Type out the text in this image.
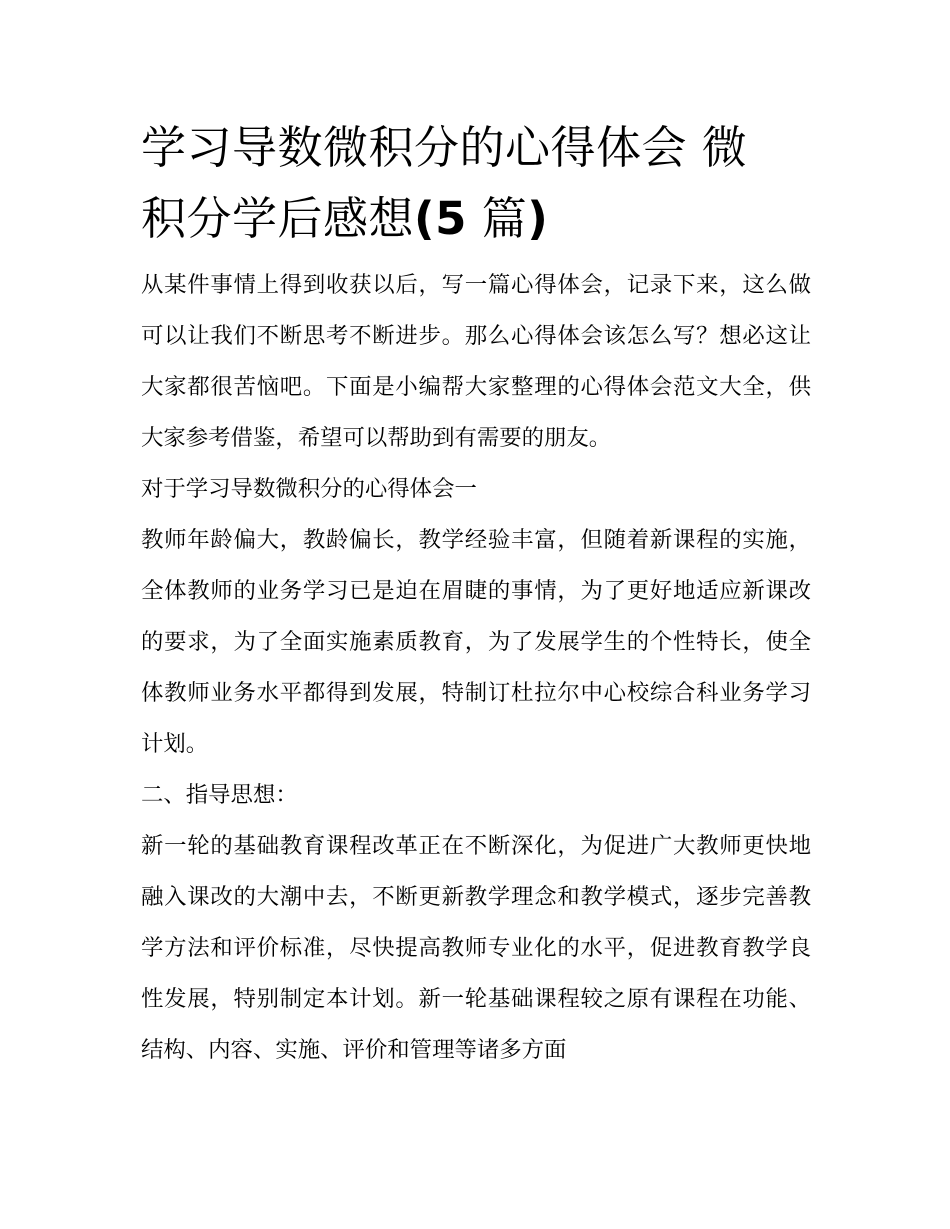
学习导数微积分的心得体会 微
积分学后感想(5 篇)

从某件事情上得到收获以后，写一篇心得体会，记录下来，这么做可以让我们不断思考不断进步。那么心得体会该怎么写？想必这让大家都很苦恼吧。下面是小编帮大家整理的心得体会范文大全，供大家参考借鉴，希望可以帮助到有需要的朋友。

对于学习导数微积分的心得体会一

教师年龄偏大，教龄偏长，教学经验丰富，但随着新课程的实施，全体教师的业务学习已是迫在眉睫的事情，为了更好地适应新课改的要求，为了全面实施素质教育，为了发展学生的个性特长，使全体教师业务水平都得到发展，特制订杜拉尔中心校综合科业务学习计划。

二、指导思想：

新一轮的基础教育课程改革正在不断深化，为促进广大教师更快地融入课改的大潮中去，不断更新教学理念和教学模式，逐步完善教学方法和评价标准，尽快提高教师专业化的水平，促进教育教学良性发展，特别制定本计划。新一轮基础课程较之原有课程在功能、结构、内容、实施、评价和管理等诸多方面
